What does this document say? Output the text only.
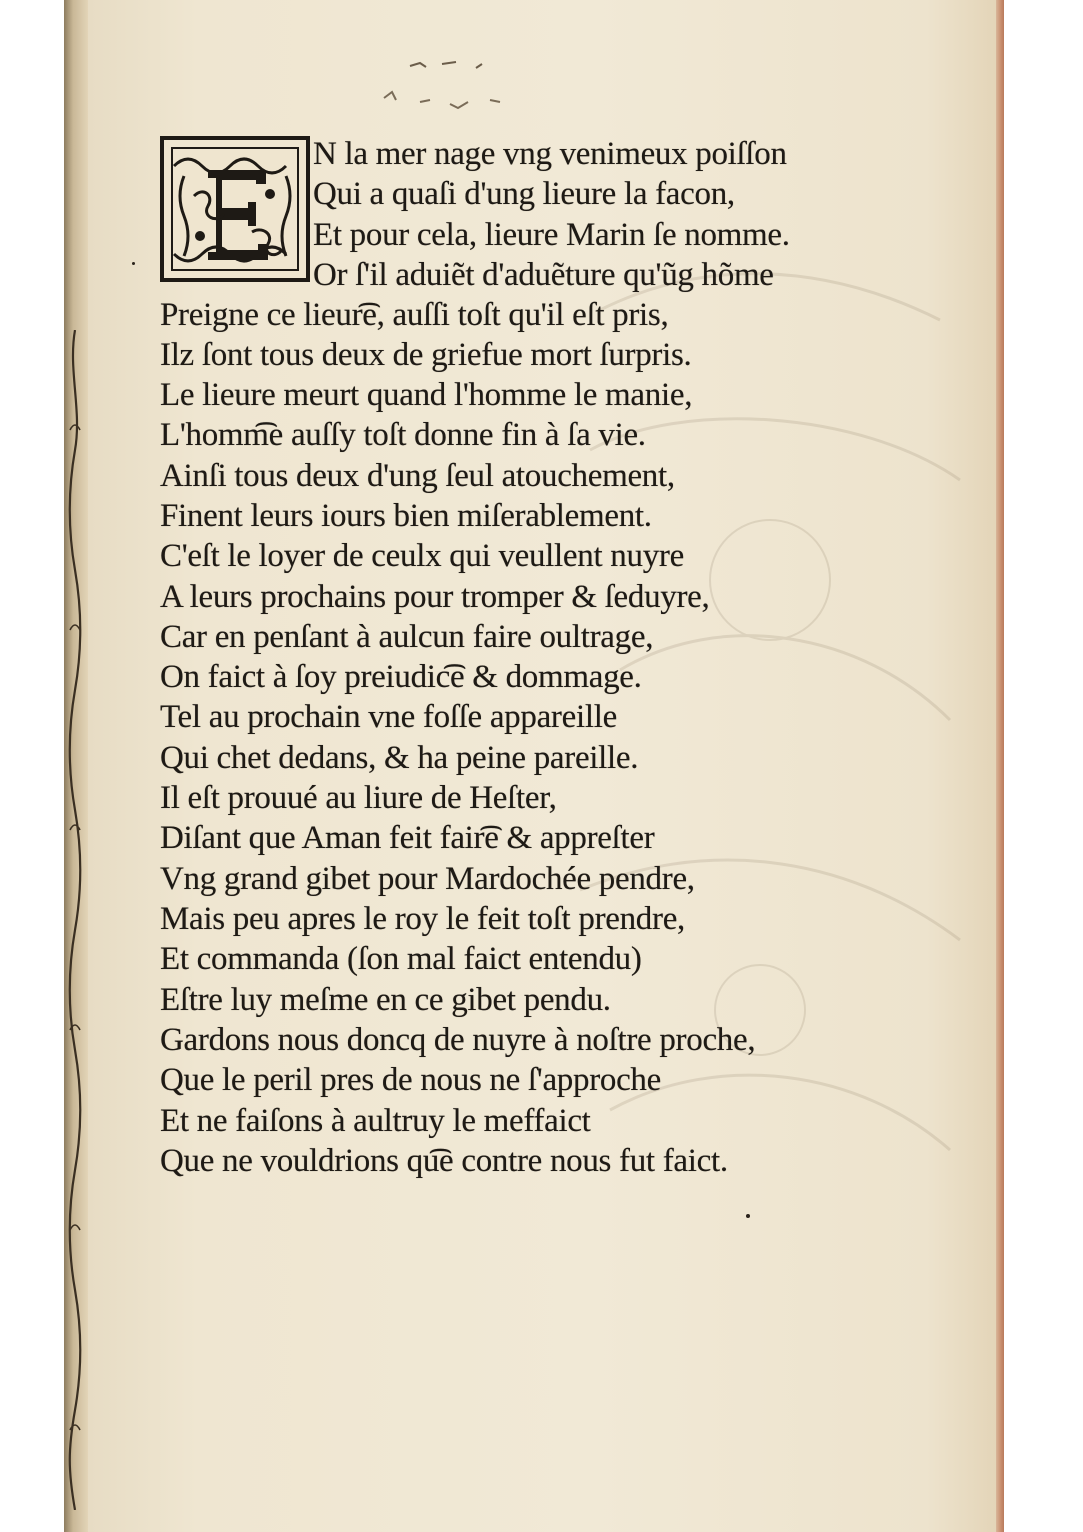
N la mer nage vng venimeux poiſſon
Qui a quaſi d'ung lieure la facon,
Et pour cela, lieure Marin ſe nomme.
Or ſ'il aduiẽt d'aduẽture qu'ũg hõme
Preigne ce lieur͡e, auſſi toſt qu'il eſt pris,
Ilz ſont tous deux de griefue mort ſurpris.
Le lieure meurt quand l'homme le manie,
L'homm͡e auſſy toſt donne fin à ſa vie.
Ainſi tous deux d'ung ſeul atouchement,
Finent leurs iours bien miſerablement.
C'eſt le loyer de ceulx qui veullent nuyre
A leurs prochains pour tromper & ſeduyre,
Car en penſant à aulcun faire oultrage,
On faict à ſoy preiudic͡e & dommage.
Tel au prochain vne foſſe appareille
Qui chet dedans, & ha peine pareille.
Il eſt prouué au liure de Heſter,
Diſant que Aman feit fair͡e & appreſter
Vng grand gibet pour Mardochée pendre,
Mais peu apres le roy le feit toſt prendre,
Et commanda (ſon mal faict entendu)
Eſtre luy meſme en ce gibet pendu.
Gardons nous doncq de nuyre à noſtre proche,
Que le peril pres de nous ne ſ'approche
Et ne faiſons à aultruy le meffaict
Que ne vouldrions qu͡e contre nous fut faict.
